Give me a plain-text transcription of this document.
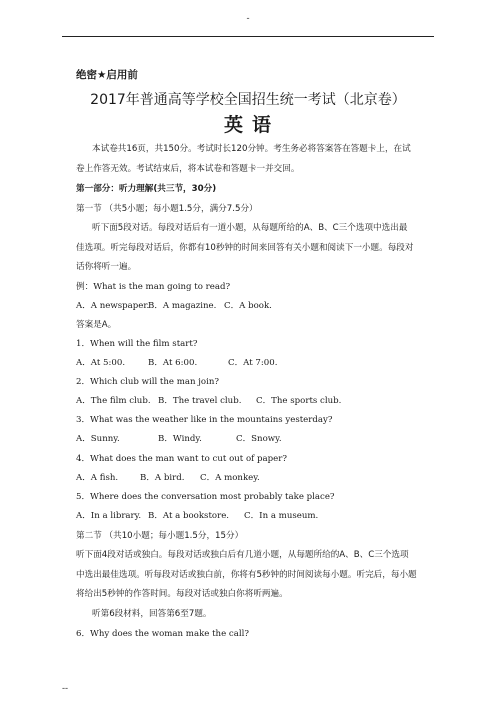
-
绝密★启用前
2017年普通高等学校全国招生统一考试（北京卷）
英 语
本试卷共16页，共150分。考试时长120分钟。考生务必将答案答在答题卡上，在试
卷上作答无效。考试结束后，将本试卷和答题卡一并交回。
第一部分：听力理解(共三节，30分)
第一节 （共5小题；每小题1.5分，满分7.5分）
听下面5段对话。每段对话后有一道小题，从每题所给的A、B、C三个选项中选出最
佳选项。听完每段对话后，你都有10秒钟的时间来回答有关小题和阅读下一小题。每段对
话你将听一遍。
例：What is the man going to read?
A．A newspaper.
B．A magazine. C．A book.
答案是A。
1．When will the film start?
A．At 5:00.	B．At 6:00.	C．At 7:00.
2．Which club will the man join?
A．The film club. B．The travel club. C．The sports club.
3．What was the weather like in the mountains yesterday?
A．Sunny.	B．Windy.	C．Snowy.
4．What does the man want to cut out of paper?
A．A fish.	B．A bird. C．A monkey.
5．Where does the conversation most probably take place?
A．In a library. B．At a bookstore. C．In a museum.
第二节 （共10小题；每小题1.5分，15分）
听下面4段对话或独白。每段对话或独白后有几道小题，从每题所给的A、B、C三个选项
中选出最佳选项。听每段对话或独白前，你将有5秒钟的时间阅读每小题。听完后，每小题
将给出5秒钟的作答时间。每段对话或独白你将听两遍。
听第6段材料，回答第6至7题。
6．Why does the woman make the call?
--
